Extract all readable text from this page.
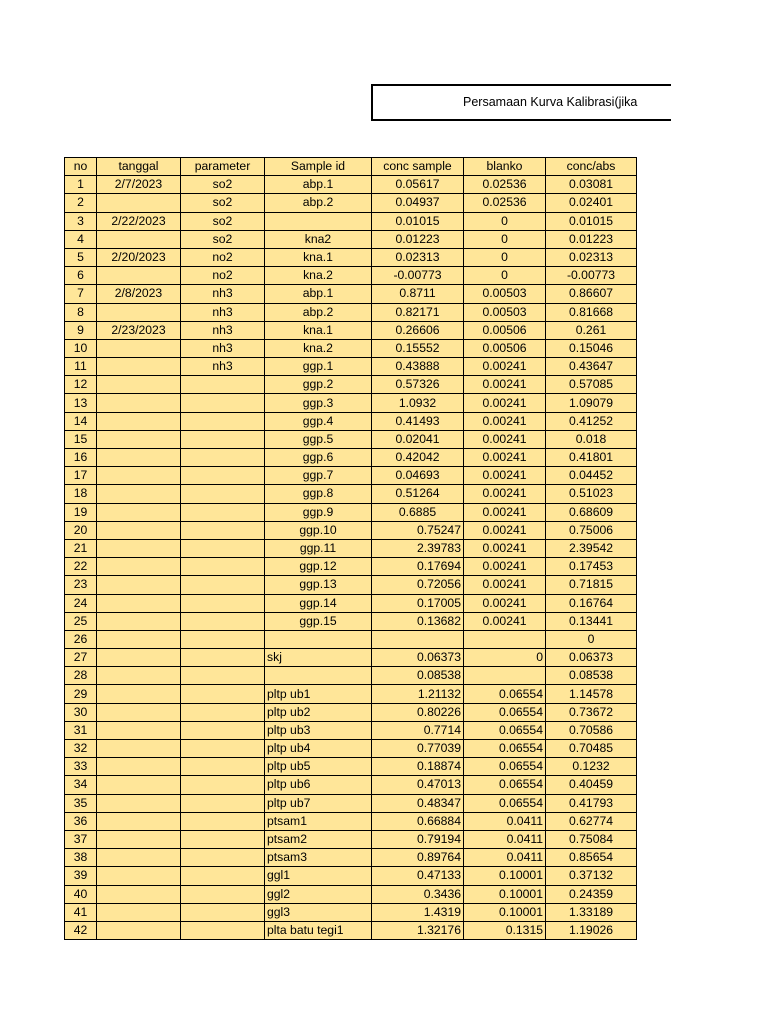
Persamaan Kurva Kalibrasi(jika
no	tanggal	parameter	Sample id	conc sample	blanko	conc/abs
1	2/7/2023	so2	abp.1	0.05617	0.02536	0.03081
2		so2	abp.2	0.04937	0.02536	0.02401
3	2/22/2023	so2		0.01015	0	0.01015
4		so2	kna2	0.01223	0	0.01223
5	2/20/2023	no2	kna.1	0.02313	0	0.02313
6		no2	kna.2	-0.00773	0	-0.00773
7	2/8/2023	nh3	abp.1	0.8711	0.00503	0.86607
8		nh3	abp.2	0.82171	0.00503	0.81668
9	2/23/2023	nh3	kna.1	0.26606	0.00506	0.261
10		nh3	kna.2	0.15552	0.00506	0.15046
11		nh3	ggp.1	0.43888	0.00241	0.43647
12			ggp.2	0.57326	0.00241	0.57085
13			ggp.3	1.0932	0.00241	1.09079
14			ggp.4	0.41493	0.00241	0.41252
15			ggp.5	0.02041	0.00241	0.018
16			ggp.6	0.42042	0.00241	0.41801
17			ggp.7	0.04693	0.00241	0.04452
18			ggp.8	0.51264	0.00241	0.51023
19			ggp.9	0.6885	0.00241	0.68609
20			ggp.10	0.75247	0.00241	0.75006
21			ggp.11	2.39783	0.00241	2.39542
22			ggp.12	0.17694	0.00241	0.17453
23			ggp.13	0.72056	0.00241	0.71815
24			ggp.14	0.17005	0.00241	0.16764
25			ggp.15	0.13682	0.00241	0.13441
26						0
27			skj	0.06373	0	0.06373
28				0.08538		0.08538
29			pltp ub1	1.21132	0.06554	1.14578
30			pltp ub2	0.80226	0.06554	0.73672
31			pltp ub3	0.7714	0.06554	0.70586
32			pltp ub4	0.77039	0.06554	0.70485
33			pltp ub5	0.18874	0.06554	0.1232
34			pltp ub6	0.47013	0.06554	0.40459
35			pltp ub7	0.48347	0.06554	0.41793
36			ptsam1	0.66884	0.0411	0.62774
37			ptsam2	0.79194	0.0411	0.75084
38			ptsam3	0.89764	0.0411	0.85654
39			ggl1	0.47133	0.10001	0.37132
40			ggl2	0.3436	0.10001	0.24359
41			ggl3	1.4319	0.10001	1.33189
42			plta batu tegi1	1.32176	0.1315	1.19026
